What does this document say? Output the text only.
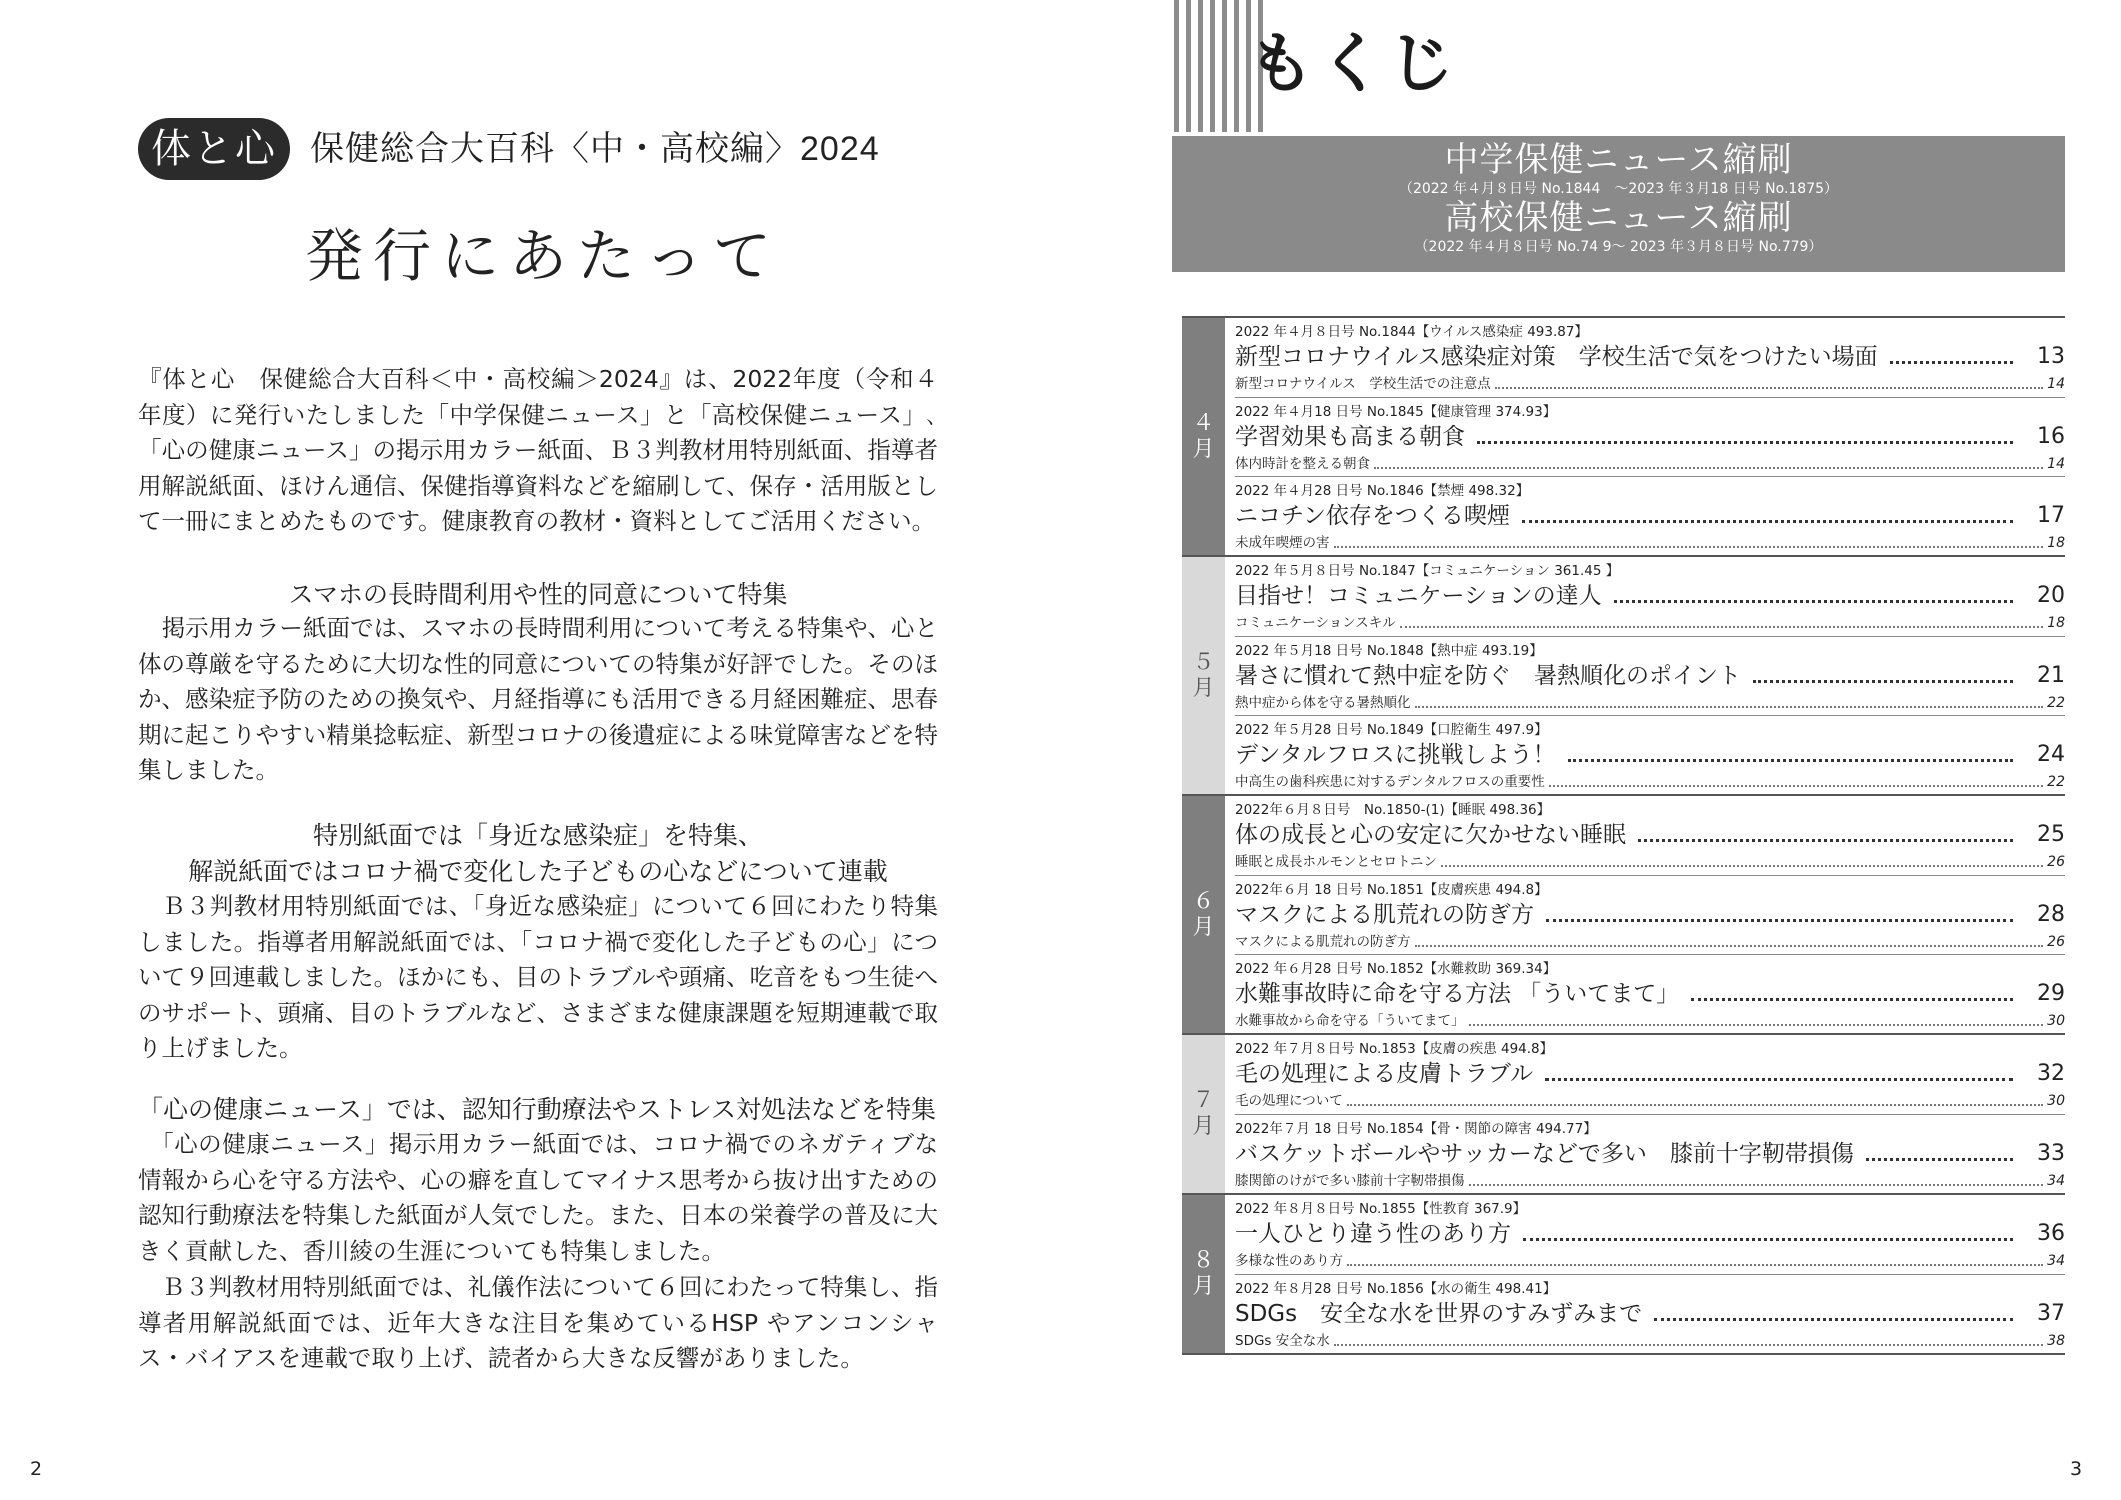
体と心 保健総合大百科〈中・高校編〉2024
発行にあたって

『体と心　保健総合大百科＜中・高校編＞2024』は、2022年度（令和４年度）に発行いたしました「中学保健ニュース」と「高校保健ニュース」､「心の健康ニュース」の掲示用カラー紙面、Ｂ３判教材用特別紙面、指導者用解説紙面、ほけん通信、保健指導資料などを縮刷して、保存・活用版として一冊にまとめたものです。健康教育の教材・資料としてご活用ください。

スマホの長時間利用や性的同意について特集

　掲示用カラー紙面では、スマホの長時間利用について考える特集や、心と体の尊厳を守るために大切な性的同意についての特集が好評でした。そのほか、感染症予防のための換気や、月経指導にも活用できる月経困難症、思春期に起こりやすい精巣捻転症、新型コロナの後遺症による味覚障害などを特集しました。

特別紙面では「身近な感染症」を特集、

解説紙面ではコロナ禍で変化した子どもの心などについて連載

　Ｂ３判教材用特別紙面では、「身近な感染症」について６回にわたり特集しました。指導者用解説紙面では、「コロナ禍で変化した子どもの心」について９回連載しました。ほかにも、目のトラブルや頭痛、吃音をもつ生徒へのサポート、頭痛、目のトラブルなど、さまざまな健康課題を短期連載で取り上げました。

「心の健康ニュース」では、認知行動療法やストレス対処法などを特集

　「心の健康ニュース」掲示用カラー紙面では、コロナ禍でのネガティブな情報から心を守る方法や、心の癖を直してマイナス思考から抜け出すための認知行動療法を特集した紙面が人気でした。また、日本の栄養学の普及に大きく貢献した、香川綾の生涯についても特集しました。

　Ｂ３判教材用特別紙面では、礼儀作法について６回にわたって特集し、指導者用解説紙面では、近年大きな注目を集めているHSP やアンコンシャス・バイアスを連載で取り上げ、読者から大きな反響がありました。

2
もくじ
中学保健ニュース縮刷
（2022 年４月８日号 No.1844　～2023 年３月18 日号 No.1875）
高校保健ニュース縮刷
（2022 年４月８日号 No.74 9～ 2023 年３月８日号 No.779）
４月
2022 年４月８日号 No.1844【ウイルス感染症 493.87】
新型コロナウイルス感染症対策　学校生活で気をつけたい場面	13
新型コロナウイルス　学校生活での注意点	14
2022 年４月18 日号 No.1845【健康管理 374.93】
学習効果も高まる朝食	16
体内時計を整える朝食	14
2022 年４月28 日号 No.1846【禁煙 498.32】
ニコチン依存をつくる喫煙	17
未成年喫煙の害	18
５月
2022 年５月８日号 No.1847【コミュニケーション 361.45 】
目指せ！コミュニケーションの達人	20
コミュニケーションスキル	18
2022 年５月18 日号 No.1848【熱中症 493.19】
暑さに慣れて熱中症を防ぐ　暑熱順化のポイント	21
熱中症から体を守る暑熱順化	22
2022 年５月28 日号 No.1849【口腔衛生 497.9】
デンタルフロスに挑戦しよう！	24
中高生の歯科疾患に対するデンタルフロスの重要性	22
６月
2022年６月８日号　No.1850-(1)【睡眠 498.36】
体の成長と心の安定に欠かせない睡眠	25
睡眠と成長ホルモンとセロトニン	26
2022年６月 18 日号 No.1851【皮膚疾患 494.8】
マスクによる肌荒れの防ぎ方	28
マスクによる肌荒れの防ぎ方	26
2022 年６月28 日号 No.1852【水難救助 369.34】
水難事故時に命を守る方法 「ういてまて」	29
水難事故から命を守る「ういてまて」	30
７月
2022 年７月８日号 No.1853【皮膚の疾患 494.8】
毛の処理による皮膚トラブル	32
毛の処理について	30
2022年７月 18 日号 No.1854【骨・関節の障害 494.77】
バスケットボールやサッカーなどで多い　膝前十字靭帯損傷	33
膝関節のけがで多い膝前十字靭帯損傷	34
８月
2022 年８月８日号 No.1855【性教育 367.9】
一人ひとり違う性のあり方	36
多様な性のあり方	34
2022 年８月28 日号 No.1856【水の衛生 498.41】
SDGs　安全な水を世界のすみずみまで	37
SDGs 安全な水	38
3
